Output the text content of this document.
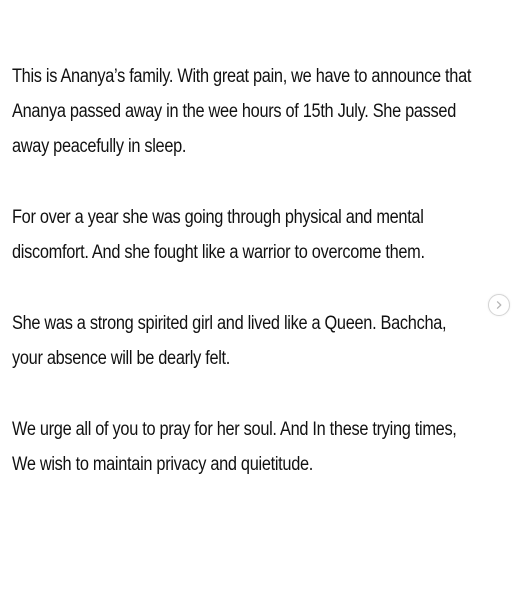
This is Ananya’s family. With great pain, we have to announce that
Ananya passed away in the wee hours of 15th July. She passed
away peacefully in sleep.

For over a year she was going through physical and mental
discomfort. And she fought like a warrior to overcome them.

She was a strong spirited girl and lived like a Queen. Bachcha,
your absence will be dearly felt.

We urge all of you to pray for her soul. And In these trying times,
We wish to maintain privacy and quietitude.
